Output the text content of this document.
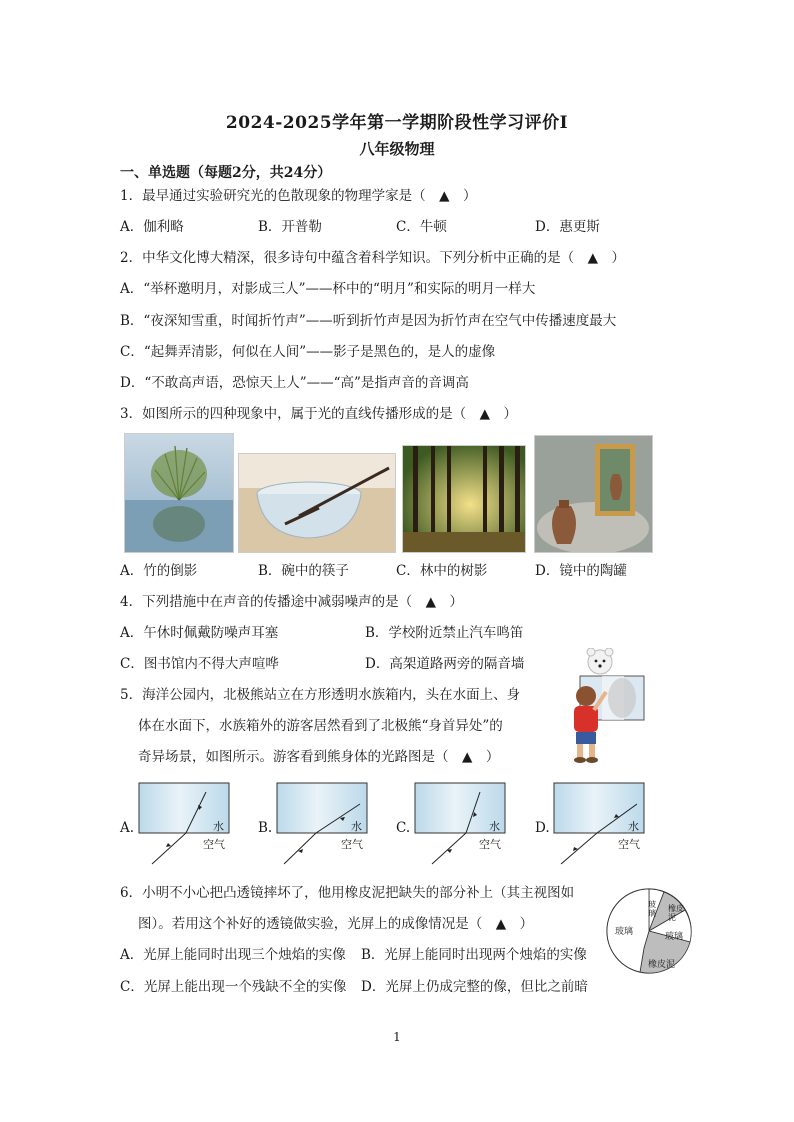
2024-2025学年第一学期阶段性学习评价Ⅰ
八年级物理
一、单选题（每题2分，共24分）
1．最早通过实验研究光的色散现象的物理学家是（　▲　）
A．伽利略	B．开普勒	C．牛顿	D．惠更斯
2．中华文化博大精深，很多诗句中蕴含着科学知识。下列分析中正确的是（　▲　）
A．“举杯邀明月，对影成三人”——杯中的“明月”和实际的明月一样大
B．“夜深知雪重，时闻折竹声”——听到折竹声是因为折竹声在空气中传播速度最大
C．“起舞弄清影，何似在人间”——影子是黑色的，是人的虚像
D．“不敢高声语，恐惊天上人”——“高”是指声音的音调高
3．如图所示的四种现象中，属于光的直线传播形成的是（　▲　）
A．竹的倒影	B．碗中的筷子	C．林中的树影	D．镜中的陶罐
4．下列措施中在声音的传播途中减弱噪声的是（　▲　）
A．午休时佩戴防噪声耳塞	B．学校附近禁止汽车鸣笛
C．图书馆内不得大声喧哗	D．高架道路两旁的隔音墙
5．海洋公园内，北极熊站立在方形透明水族箱内，头在水面上、身
体在水面下，水族箱外的游客居然看到了北极熊“身首异处”的
奇异场景，如图所示。游客看到熊身体的光路图是（　▲　）
A.	B.	C.	D.
水
空气
水
空气
水
空气
水
空气
6．小明不小心把凸透镜摔坏了，他用橡皮泥把缺失的部分补上（其主视图如
图）。若用这个补好的透镜做实验，光屏上的成像情况是（　▲　）
A．光屏上能同时出现三个烛焰的实像 B．光屏上能同时出现两个烛焰的实像
C．光屏上能出现一个残缺不全的实像 D．光屏上仍成完整的像，但比之前暗
玻璃
玻璃
橡皮泥
玻璃
橡皮泥
1
